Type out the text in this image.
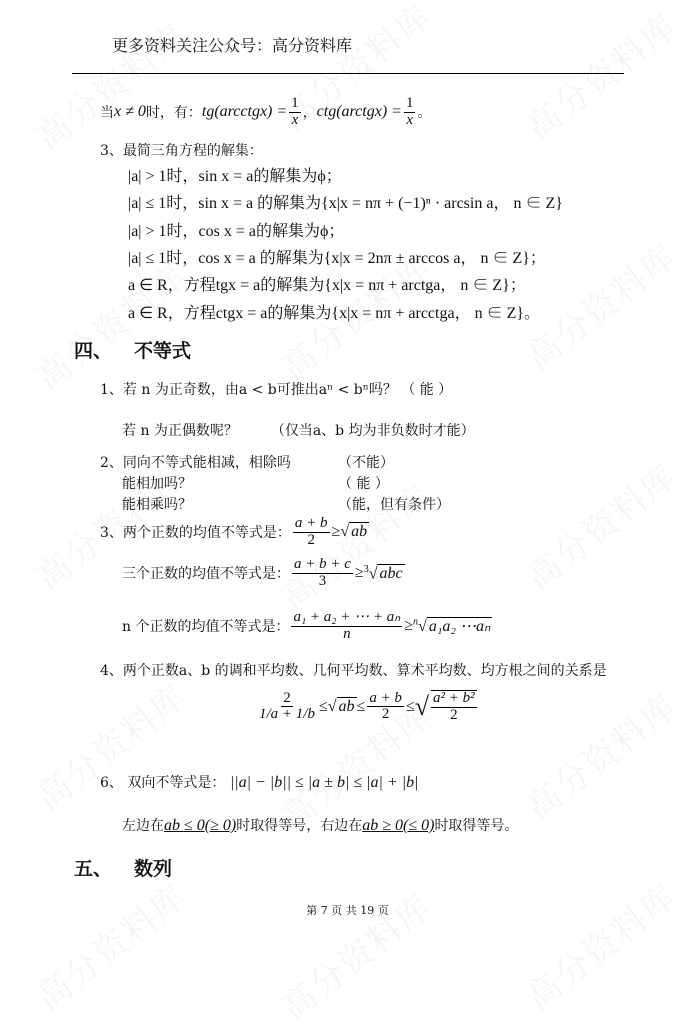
更多资料关注公众号：高分资料库
当 x ≠ 0 时，有： tg(arcctgx) = $\frac{1}{x}$ ， ctg(arctgx) = $\frac{1}{x}$ 。
3、最简三角方程的解集：
|a| > 1时，sin x = a的解集为ϕ；
|a| ≤ 1时，sin x = a 的解集为{x|x = nπ + (−1)ⁿ · arcsin a， n ∈ Z}
|a| > 1时，cos x = a的解集为ϕ；
|a| ≤ 1时，cos x = a 的解集为{x|x = 2nπ ± arccos a， n ∈ Z}；
a ∈ R，方程tgx = a的解集为{x|x = nπ + arctga， n ∈ Z}；
a ∈ R，方程ctgx = a的解集为{x|x = nπ + arcctga， n ∈ Z}。
四、 不等式
1、若 n 为正奇数，由a < b可推出aⁿ < bⁿ吗？ （ 能 ）
若 n 为正偶数呢？ （仅当a、b 均为非负数时才能）
2、同向不等式能相减，相除吗	（不能）
能相加吗？	（ 能 ）
能相乘吗？	（能，但有条件）
3、两个正数的均值不等式是： $\frac{a + b}{2}$ ≥ √ ab
三个正数的均值不等式是： $\frac{a + b + c}{3} \ge ^3√$ abc
n 个正数的均值不等式是： $\frac{\text{a₁ + a₂ + ⋯ + aₙ}}{n} \ge ^n√$ a₁a₂ ⋯aₙ
4、两个正数a、b 的调和平均数、几何平均数、算术平均数、均方根之间的关系是
$\frac{2}{1/a + 1/b}$ ≤ √ ab ≤ $\frac{a + b}{2}$ ≤ √ $\frac{\text{a² + b²}}{2}$
6、 双向不等式是： ||a| − |b|| ≤ |a ± b| ≤ |a| + |b|
左边在ab ≤ 0(≥ 0)时取得等号，右边在ab ≥ 0(≤ 0)时取得等号。
五、 数列
第 7 页 共 19 页
